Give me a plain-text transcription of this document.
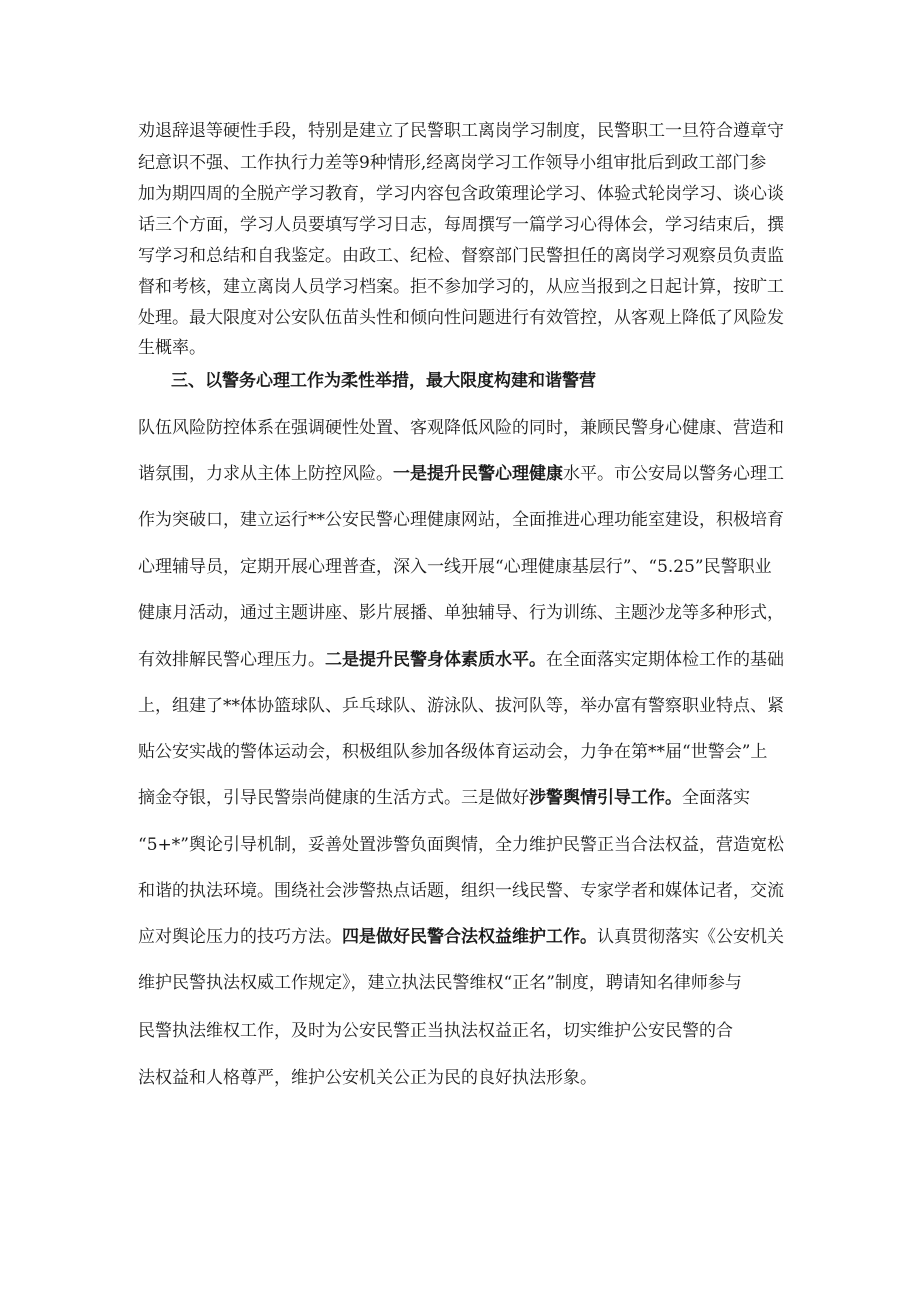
劝退辞退等硬性手段，特别是建立了民警职工离岗学习制度，民警职工一旦符合遵章守
纪意识不强、工作执行力差等9种情形,经离岗学习工作领导小组审批后到政工部门参
加为期四周的全脱产学习教育，学习内容包含政策理论学习、体验式轮岗学习、谈心谈
话三个方面，学习人员要填写学习日志，每周撰写一篇学习心得体会，学习结束后，撰
写学习和总结和自我鉴定。由政工、纪检、督察部门民警担任的离岗学习观察员负责监
督和考核，建立离岗人员学习档案。拒不参加学习的，从应当报到之日起计算，按旷工
处理。最大限度对公安队伍苗头性和倾向性问题进行有效管控，从客观上降低了风险发
生概率。
三、以警务心理工作为柔性举措，最大限度构建和谐警营
队伍风险防控体系在强调硬性处置、客观降低风险的同时，兼顾民警身心健康、营造和
谐氛围，力求从主体上防控风险。一是提升民警心理健康水平。市公安局以警务心理工
作为突破口，建立运行**公安民警心理健康网站，全面推进心理功能室建设，积极培育
心理辅导员，定期开展心理普查，深入一线开展“心理健康基层行”、“5.25”民警职业
健康月活动，通过主题讲座、影片展播、单独辅导、行为训练、主题沙龙等多种形式，
有效排解民警心理压力。二是提升民警身体素质水平。在全面落实定期体检工作的基础
上，组建了**体协篮球队、乒乓球队、游泳队、拔河队等，举办富有警察职业特点、紧
贴公安实战的警体运动会，积极组队参加各级体育运动会，力争在第**届“世警会”上
摘金夺银，引导民警崇尚健康的生活方式。三是做好涉警舆情引导工作。全面落实
“5+*”舆论引导机制，妥善处置涉警负面舆情，全力维护民警正当合法权益，营造宽松
和谐的执法环境。围绕社会涉警热点话题，组织一线民警、专家学者和媒体记者，交流
应对舆论压力的技巧方法。四是做好民警合法权益维护工作。认真贯彻落实《公安机关
维护民警执法权威工作规定》，建立执法民警维权“正名”制度，聘请知名律师参与
民警执法维权工作，及时为公安民警正当执法权益正名，切实维护公安民警的合
法权益和人格尊严，维护公安机关公正为民的良好执法形象。
